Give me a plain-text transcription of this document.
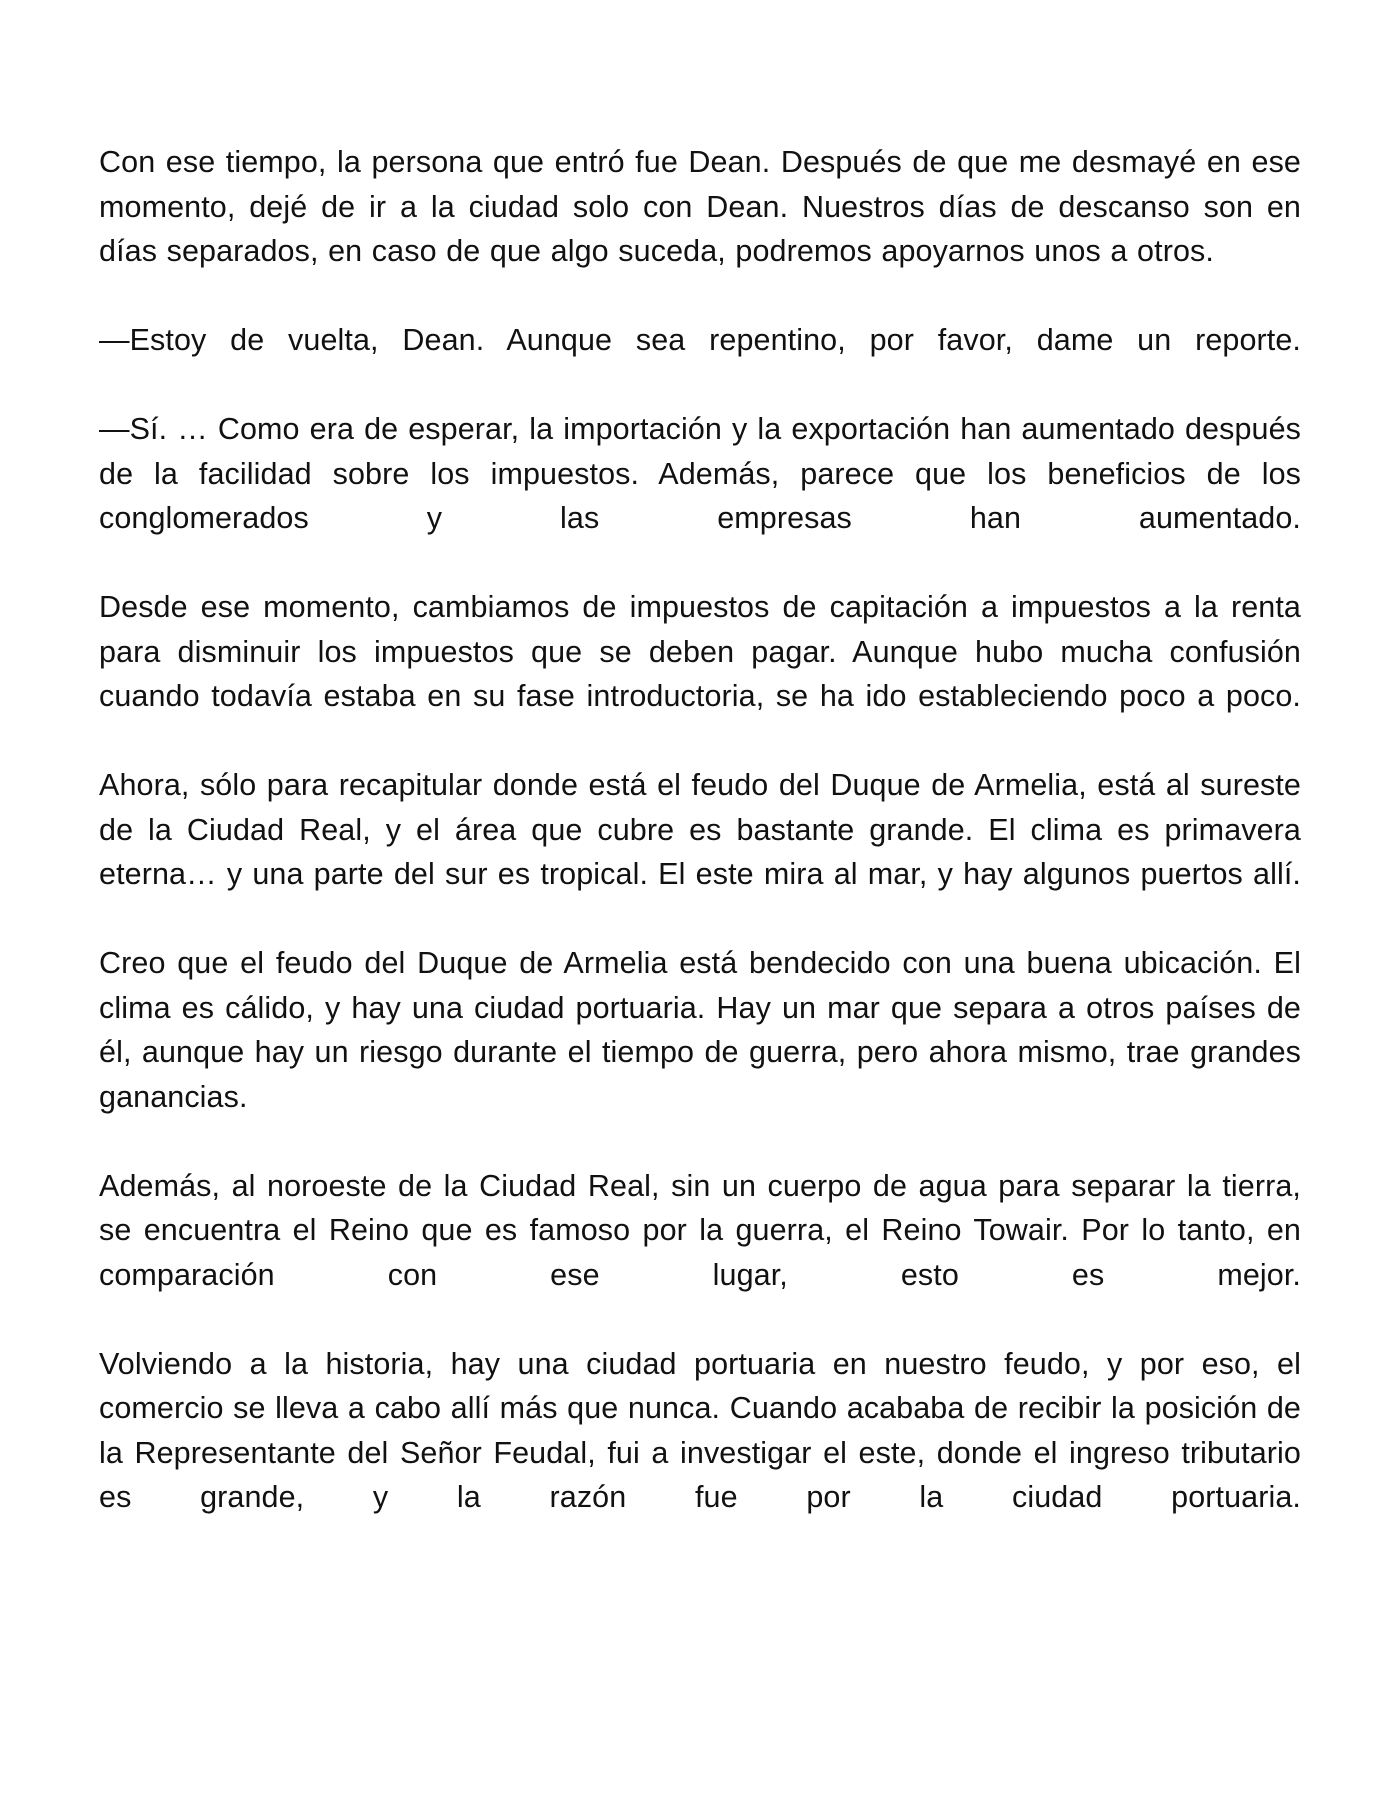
Con ese tiempo, la persona que entró fue Dean. Después de que me desmayé en ese momento, dejé de ir a la ciudad solo con Dean. Nuestros días de descanso son en días separados, en caso de que algo suceda, podremos apoyarnos unos a otros.

—Estoy de vuelta, Dean. Aunque sea repentino, por favor, dame un reporte.

—Sí. … Como era de esperar, la importación y la exportación han aumentado después de la facilidad sobre los impuestos. Además, parece que los beneficios de los conglomerados y las empresas han aumentado.

Desde ese momento, cambiamos de impuestos de capitación a impuestos a la renta para disminuir los impuestos que se deben pagar. Aunque hubo mucha confusión cuando todavía estaba en su fase introductoria, se ha ido estableciendo poco a poco.

Ahora, sólo para recapitular donde está el feudo del Duque de Armelia, está al sureste de la Ciudad Real, y el área que cubre es bastante grande. El clima es primavera eterna… y una parte del sur es tropical. El este mira al mar, y hay algunos puertos allí.

Creo que el feudo del Duque de Armelia está bendecido con una buena ubicación. El clima es cálido, y hay una ciudad portuaria. Hay un mar que separa a otros países de él, aunque hay un riesgo durante el tiempo de guerra, pero ahora mismo, trae grandes ganancias.

Además, al noroeste de la Ciudad Real, sin un cuerpo de agua para separar la tierra, se encuentra el Reino que es famoso por la guerra, el Reino Towair. Por lo tanto, en comparación con ese lugar, esto es mejor.

Volviendo a la historia, hay una ciudad portuaria en nuestro feudo, y por eso, el comercio se lleva a cabo allí más que nunca. Cuando acababa de recibir la posición de la Representante del Señor Feudal, fui a investigar el este, donde el ingreso tributario es grande, y la razón fue por la ciudad portuaria.
